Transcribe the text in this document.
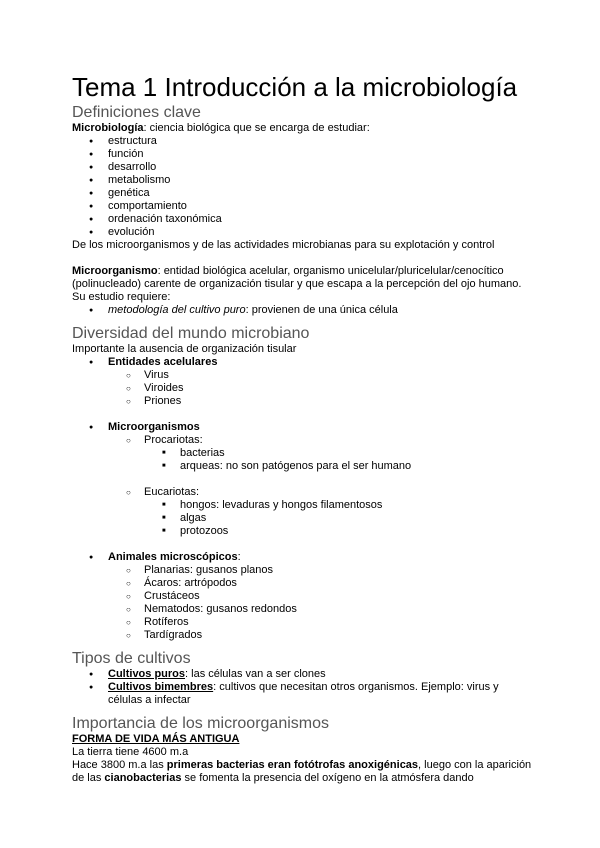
Tema 1 Introducción a la microbiología
Definiciones clave

Microbiología: ciencia biológica que se encarga de estudiar:

● estructura
● función
● desarrollo
● metabolismo
● genética
● comportamiento
● ordenación taxonómica
● evolución

De los microorganismos y de las actividades microbianas para su explotación y control

Microorganismo: entidad biológica acelular, organismo unicelular/pluricelular/cenocítico (polinucleado) carente de organización tisular y que escapa a la percepción del ojo humano.

Su estudio requiere:

● metodología del cultivo puro: provienen de una única célula
Diversidad del mundo microbiano

Importante la ausencia de organización tisular

● Entidades acelulares
○ Virus
○ Viroides
○ Priones
● Microorganismos
○ Procariotas:
■ bacterias
■ arqueas: no son patógenos para el ser humano
○ Eucariotas:
■ hongos: levaduras y hongos filamentosos
■ algas
■ protozoos
● Animales microscópicos:
○ Planarias: gusanos planos
○ Ácaros: artrópodos
○ Crustáceos
○ Nematodos: gusanos redondos
○ Rotíferos
○ Tardígrados
Tipos de cultivos
● Cultivos puros: las células van a ser clones
● Cultivos bimembres: cultivos que necesitan otros organismos. Ejemplo: virus y células a infectar
Importancia de los microorganismos

FORMA DE VIDA MÁS ANTIGUA

La tierra tiene 4600 m.a

Hace 3800 m.a las primeras bacterias eran fotótrofas anoxigénicas, luego con la aparición de las cianobacterias se fomenta la presencia del oxígeno en la atmósfera dando
